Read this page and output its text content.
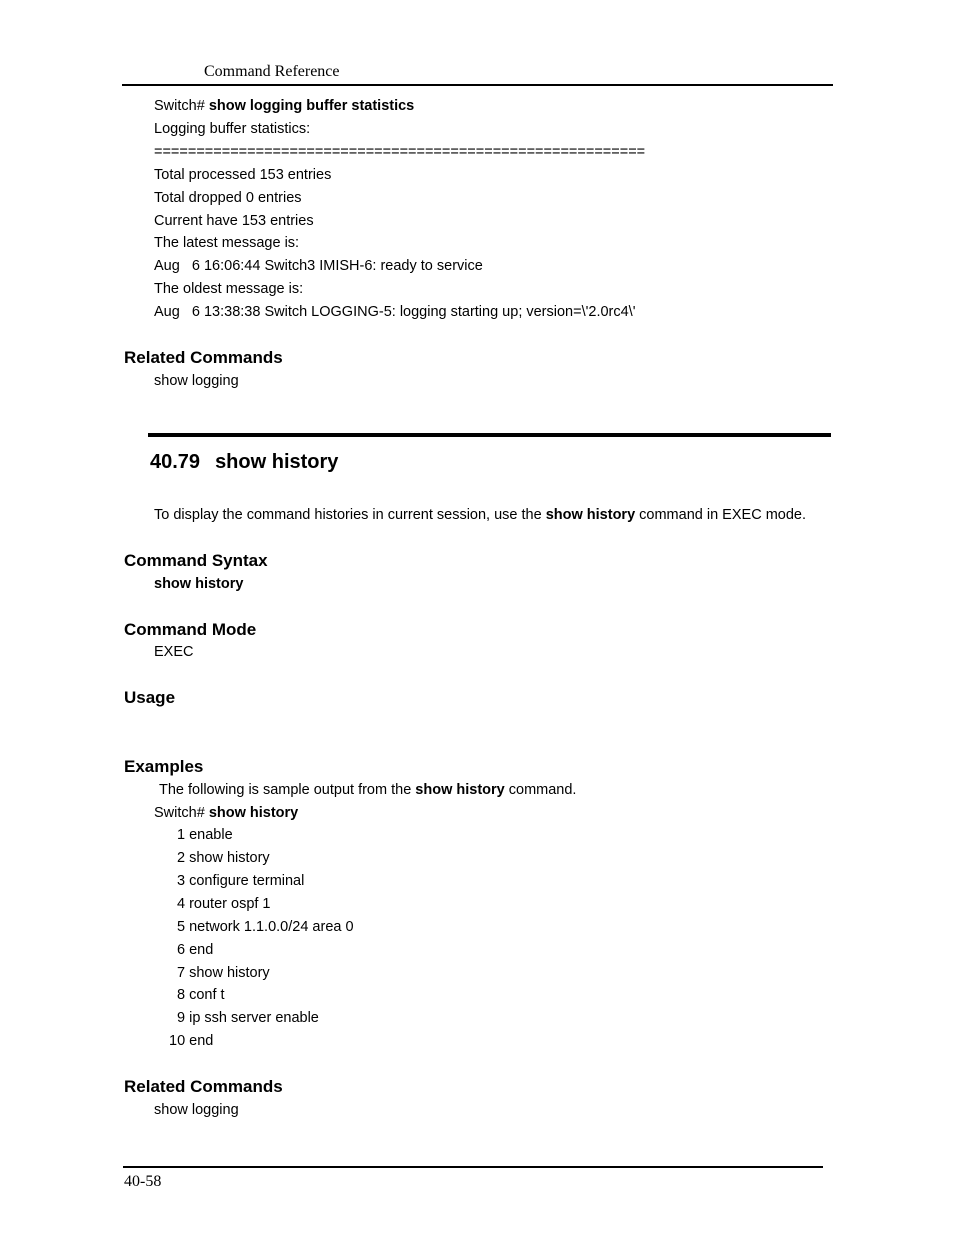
Command Reference
Switch# show logging buffer statistics
Logging buffer statistics:
==========================================================
Total processed 153 entries
Total dropped 0 entries
Current have 153 entries
The latest message is:
Aug   6 16:06:44 Switch3 IMISH-6: ready to service
The oldest message is:
Aug   6 13:38:38 Switch LOGGING-5: logging starting up; version=\'2.0rc4\'
Related Commands
show logging
40.79 show history
To display the command histories in current session, use the show history command in EXEC mode.
Command Syntax
show history
Command Mode
EXEC
Usage
Examples
The following is sample output from the show history command.
Switch# show history
1 enable
2 show history
3 configure terminal
4 router ospf 1
5 network 1.1.0.0/24 area 0
6 end
7 show history
8 conf t
9 ip ssh server enable
10 end
Related Commands
show logging
40-58
